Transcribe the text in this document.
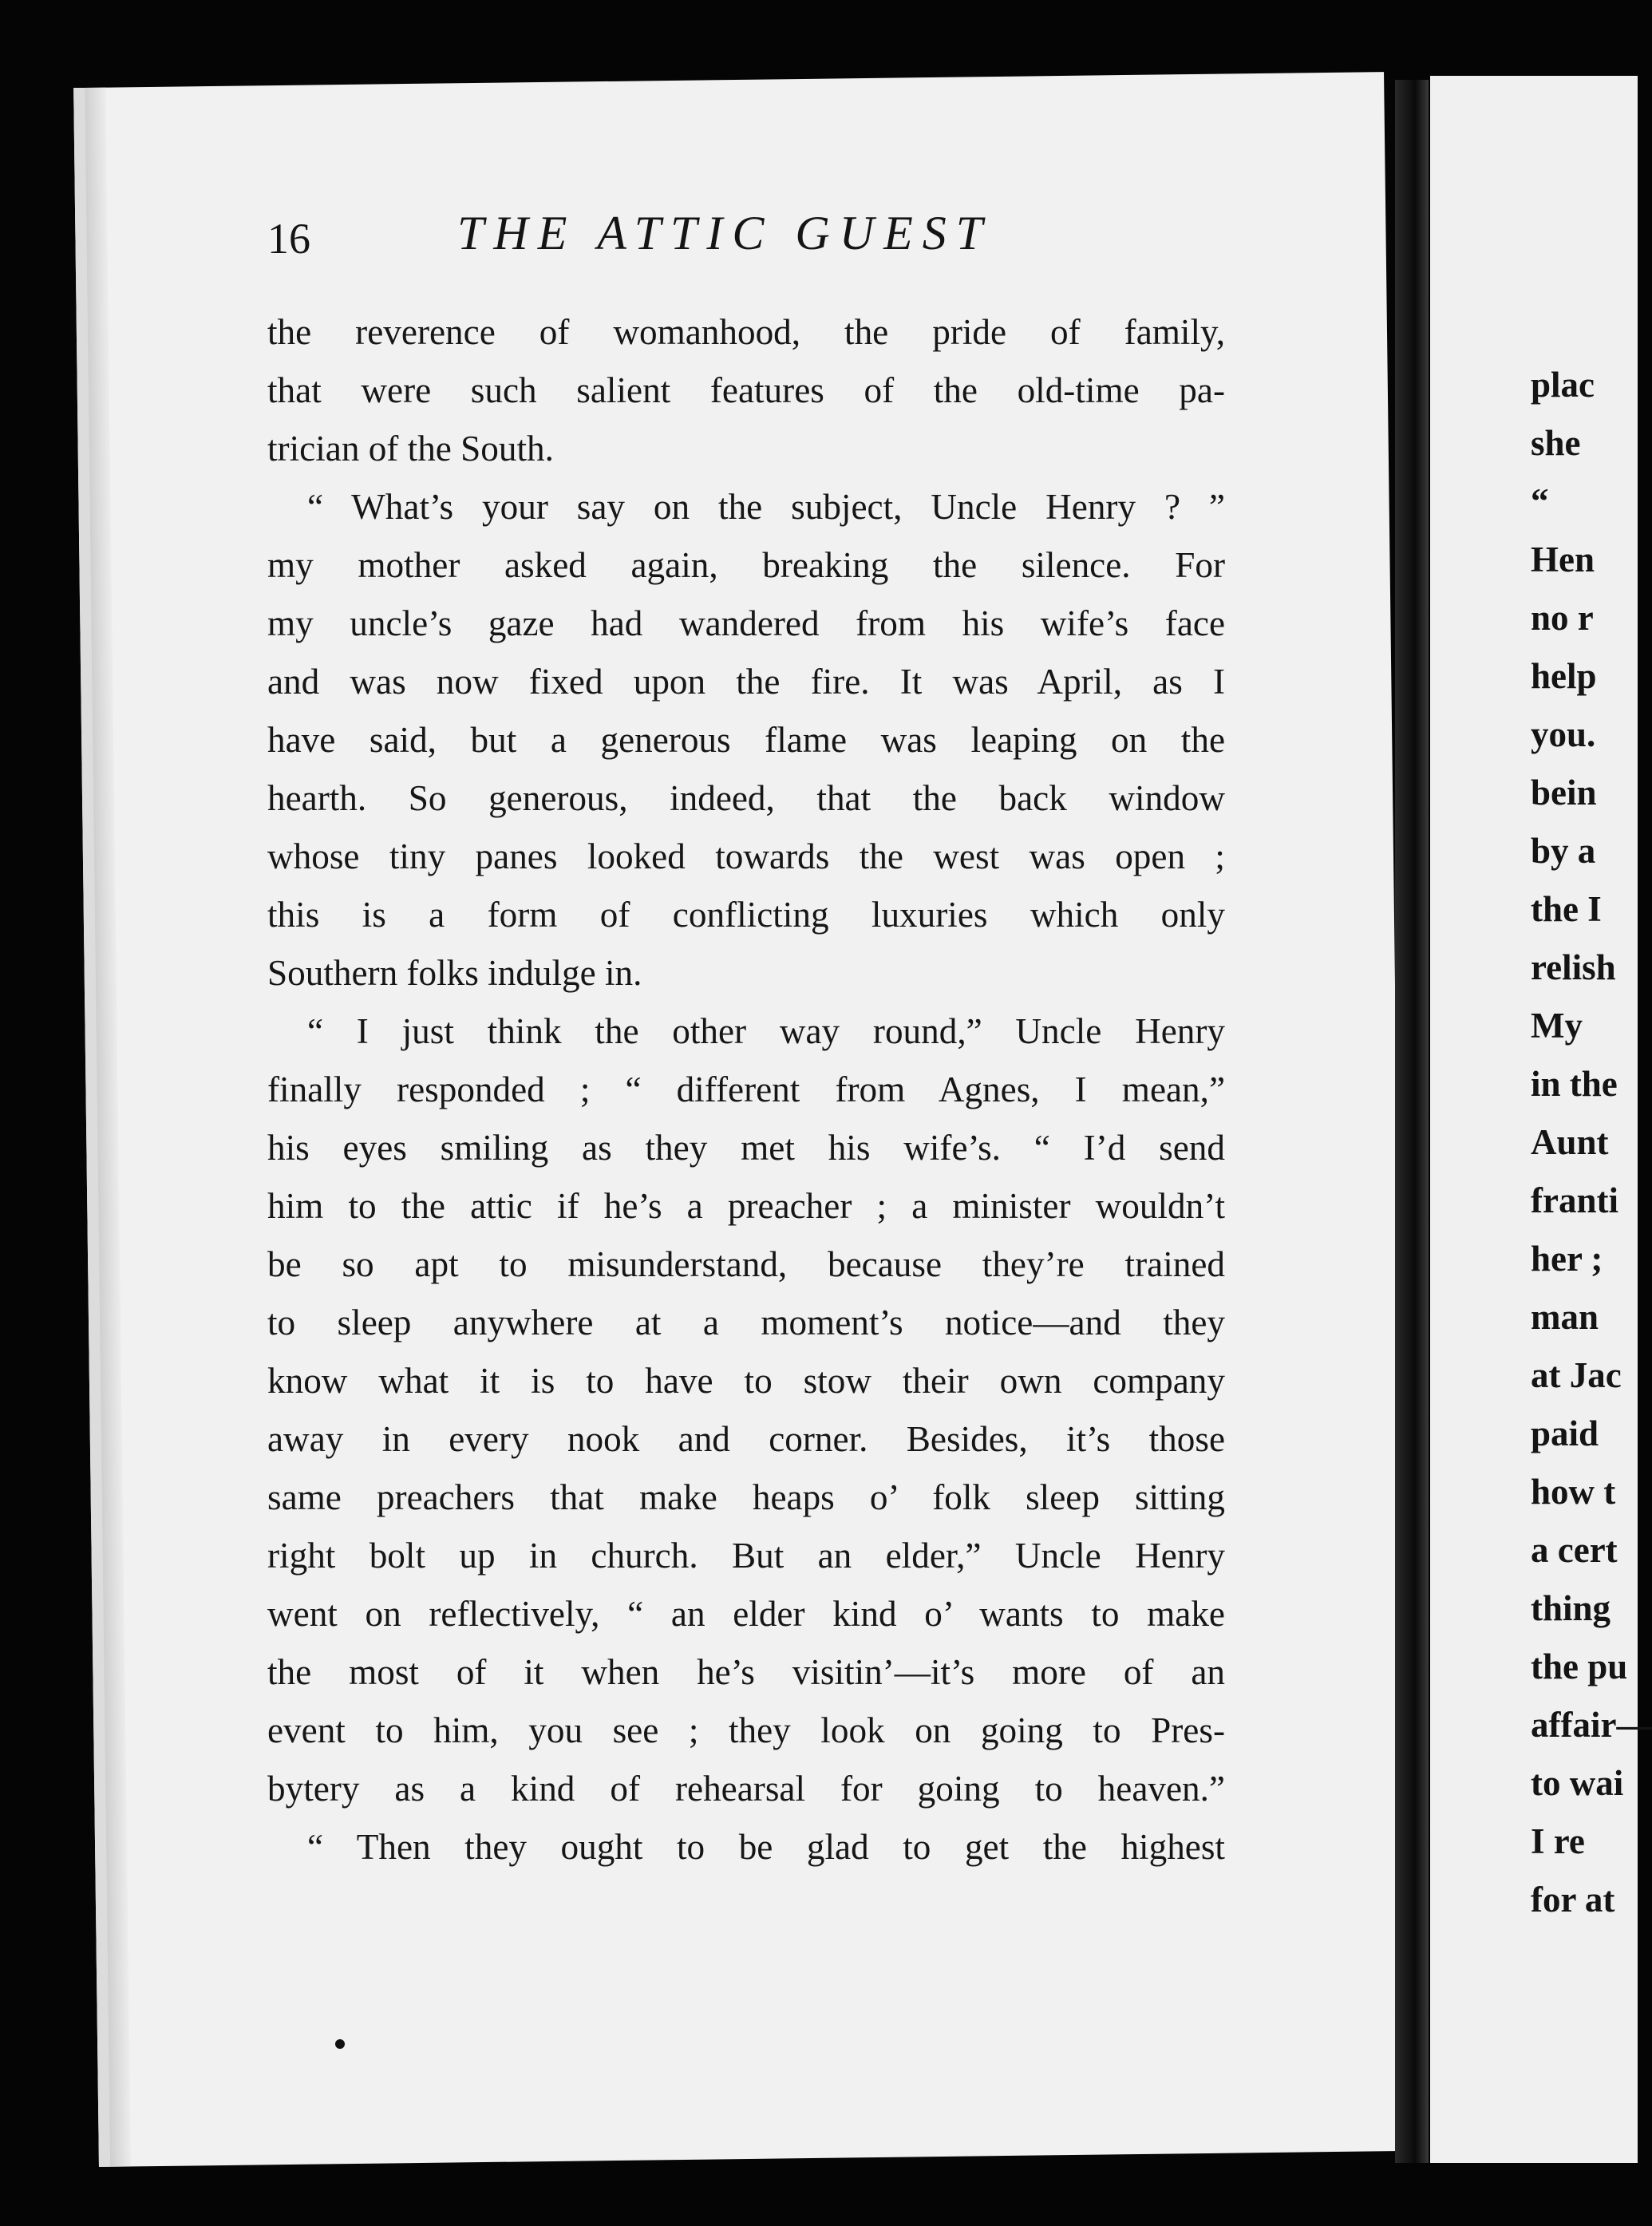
16	THE ATTIC GUEST
the reverence of womanhood, the pride of family,
that were such salient features of the old-time pa-
trician of the South.
“ What’s your say on the subject, Uncle Henry ? ”
my mother asked again, breaking the silence. For
my uncle’s gaze had wandered from his wife’s face
and was now fixed upon the fire. It was April, as I
have said, but a generous flame was leaping on the
hearth. So generous, indeed, that the back window
whose tiny panes looked towards the west was open ;
this is a form of conflicting luxuries which only
Southern folks indulge in.
“ I just think the other way round,” Uncle Henry
finally responded ; “ different from Agnes, I mean,”
his eyes smiling as they met his wife’s. “ I’d send
him to the attic if he’s a preacher ; a minister wouldn’t
be so apt to misunderstand, because they’re trained
to sleep anywhere at a moment’s notice—and they
know what it is to have to stow their own company
away in every nook and corner. Besides, it’s those
same preachers that make heaps o’ folk sleep sitting
right bolt up in church. But an elder,” Uncle Henry
went on reflectively, “ an elder kind o’ wants to make
the most of it when he’s visitin’—it’s more of an
event to him, you see ; they look on going to Pres-
bytery as a kind of rehearsal for going to heaven.”
“ Then they ought to be glad to get the highest
plac
she
“
Hen
no r
help
you.
bein
by a
the I
relish
My
in the
Aunt
franti
her ;
man
at Jac
paid
how t
a cert
thing
the pu
affair—
to wai
I re
for at
